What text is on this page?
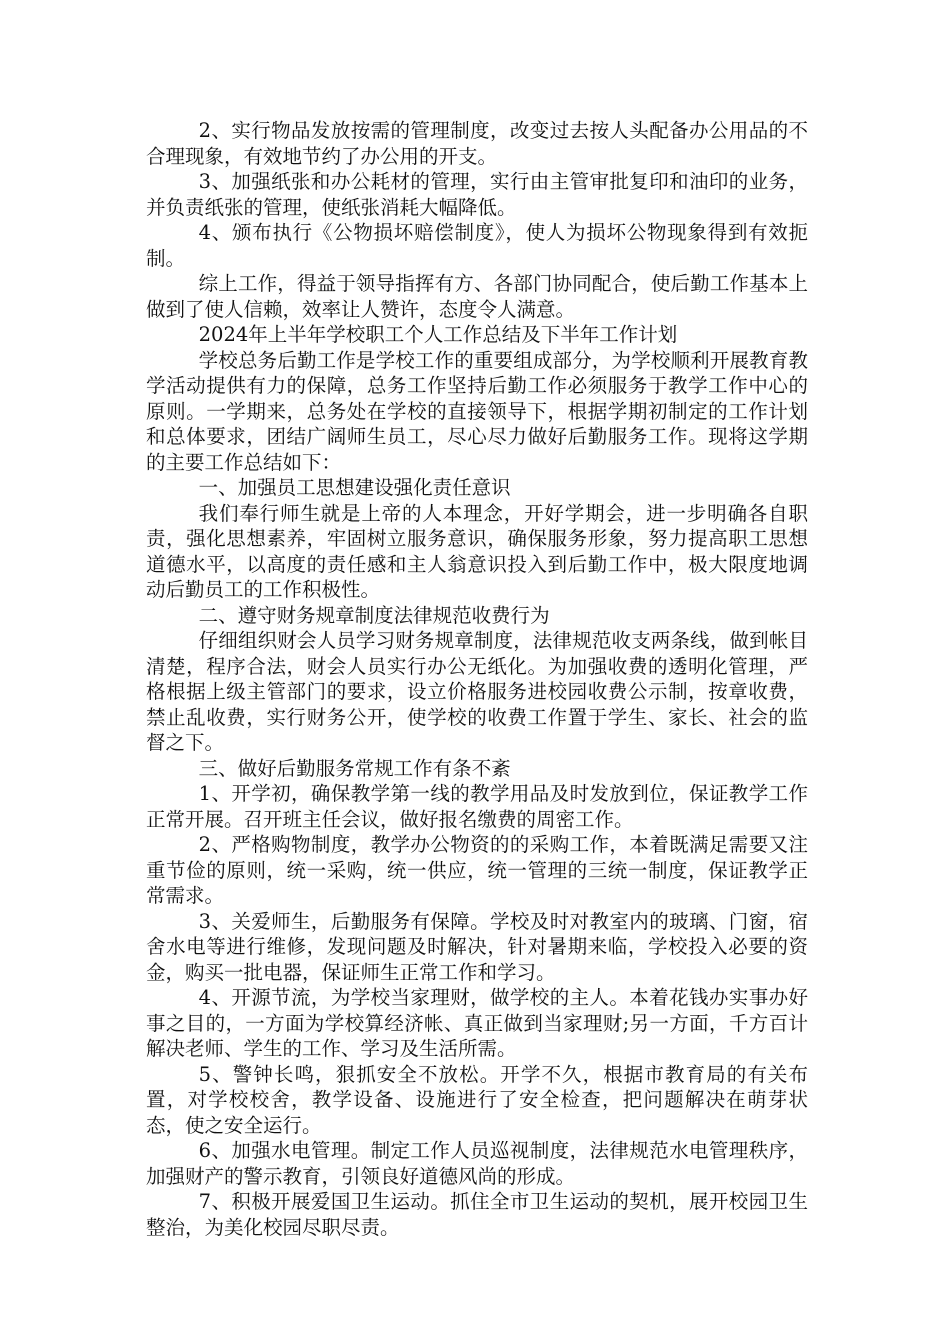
2、实行物品发放按需的管理制度，改变过去按人头配备办公用品的不合理现象，有效地节约了办公用的开支。

3、加强纸张和办公耗材的管理，实行由主管审批复印和油印的业务，并负责纸张的管理，使纸张消耗大幅降低。

4、颁布执行《公物损坏赔偿制度》，使人为损坏公物现象得到有效扼制。

综上工作，得益于领导指挥有方、各部门协同配合，使后勤工作基本上做到了使人信赖，效率让人赞许，态度令人满意。

2024年上半年学校职工个人工作总结及下半年工作计划

学校总务后勤工作是学校工作的重要组成部分，为学校顺利开展教育教学活动提供有力的保障，总务工作坚持后勤工作必须服务于教学工作中心的原则。一学期来，总务处在学校的直接领导下，根据学期初制定的工作计划和总体要求，团结广阔师生员工，尽心尽力做好后勤服务工作。现将这学期的主要工作总结如下：

一、加强员工思想建设强化责任意识

我们奉行师生就是上帝的人本理念，开好学期会，进一步明确各自职责，强化思想素养，牢固树立服务意识，确保服务形象，努力提高职工思想道德水平，以高度的责任感和主人翁意识投入到后勤工作中，极大限度地调动后勤员工的工作积极性。

二、遵守财务规章制度法律规范收费行为

仔细组织财会人员学习财务规章制度，法律规范收支两条线，做到帐目清楚，程序合法，财会人员实行办公无纸化。为加强收费的透明化管理，严格根据上级主管部门的要求，设立价格服务进校园收费公示制，按章收费，禁止乱收费，实行财务公开，使学校的收费工作置于学生、家长、社会的监督之下。

三、做好后勤服务常规工作有条不紊

1、开学初，确保教学第一线的教学用品及时发放到位，保证教学工作正常开展。召开班主任会议，做好报名缴费的周密工作。

2、严格购物制度，教学办公物资的的采购工作，本着既满足需要又注重节俭的原则，统一采购，统一供应，统一管理的三统一制度，保证教学正常需求。

3、关爱师生，后勤服务有保障。学校及时对教室内的玻璃、门窗，宿舍水电等进行维修，发现问题及时解决，针对暑期来临，学校投入必要的资金，购买一批电器，保证师生正常工作和学习。

4、开源节流，为学校当家理财，做学校的主人。本着花钱办实事办好事之目的，一方面为学校算经济帐、真正做到当家理财;另一方面，千方百计解决老师、学生的工作、学习及生活所需。

5、警钟长鸣，狠抓安全不放松。开学不久，根据市教育局的有关布置，对学校校舍，教学设备、设施进行了安全检查，把问题解决在萌芽状态，使之安全运行。

6、加强水电管理。制定工作人员巡视制度，法律规范水电管理秩序，加强财产的警示教育，引领良好道德风尚的形成。

7、积极开展爱国卫生运动。抓住全市卫生运动的契机，展开校园卫生整治，为美化校园尽职尽责。
